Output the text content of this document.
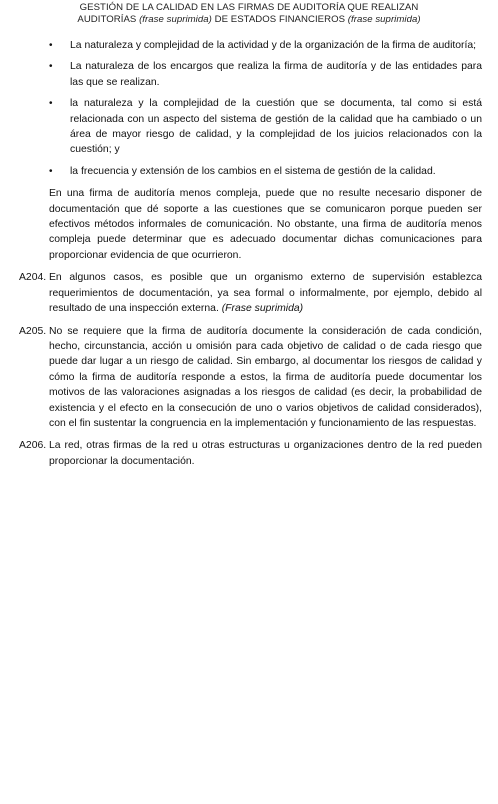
GESTIÓN DE LA CALIDAD EN LAS FIRMAS DE AUDITORÍA QUE REALIZAN
AUDITORÍAS (frase suprimida) DE ESTADOS FINANCIEROS (frase suprimida)
• La naturaleza y complejidad de la actividad y de la organización de la firma de auditoría;
• La naturaleza de los encargos que realiza la firma de auditoría y de las entidades para las que se realizan.
• la naturaleza y la complejidad de la cuestión que se documenta, tal como si está relacionada con un aspecto del sistema de gestión de la calidad que ha cambiado o un área de mayor riesgo de calidad, y la complejidad de los juicios relacionados con la cuestión; y
• la frecuencia y extensión de los cambios en el sistema de gestión de la calidad.
En una firma de auditoría menos compleja, puede que no resulte necesario disponer de documentación que dé soporte a las cuestiones que se comunicaron porque pueden ser efectivos métodos informales de comunicación. No obstante, una firma de auditoría menos compleja puede determinar que es adecuado documentar dichas comunicaciones para proporcionar evidencia de que ocurrieron.
A204. En algunos casos, es posible que un organismo externo de supervisión establezca requerimientos de documentación, ya sea formal o informalmente, por ejemplo, debido al resultado de una inspección externa. (Frase suprimida)
A205. No se requiere que la firma de auditoría documente la consideración de cada condición, hecho, circunstancia, acción u omisión para cada objetivo de calidad o de cada riesgo que puede dar lugar a un riesgo de calidad. Sin embargo, al documentar los riesgos de calidad y cómo la firma de auditoría responde a estos, la firma de auditoría puede documentar los motivos de las valoraciones asignadas a los riesgos de calidad (es decir, la probabilidad de existencia y el efecto en la consecución de uno o varios objetivos de calidad considerados), con el fin sustentar la congruencia en la implementación y funcionamiento de las respuestas.
A206. La red, otras firmas de la red u otras estructuras u organizaciones dentro de la red pueden proporcionar la documentación.
